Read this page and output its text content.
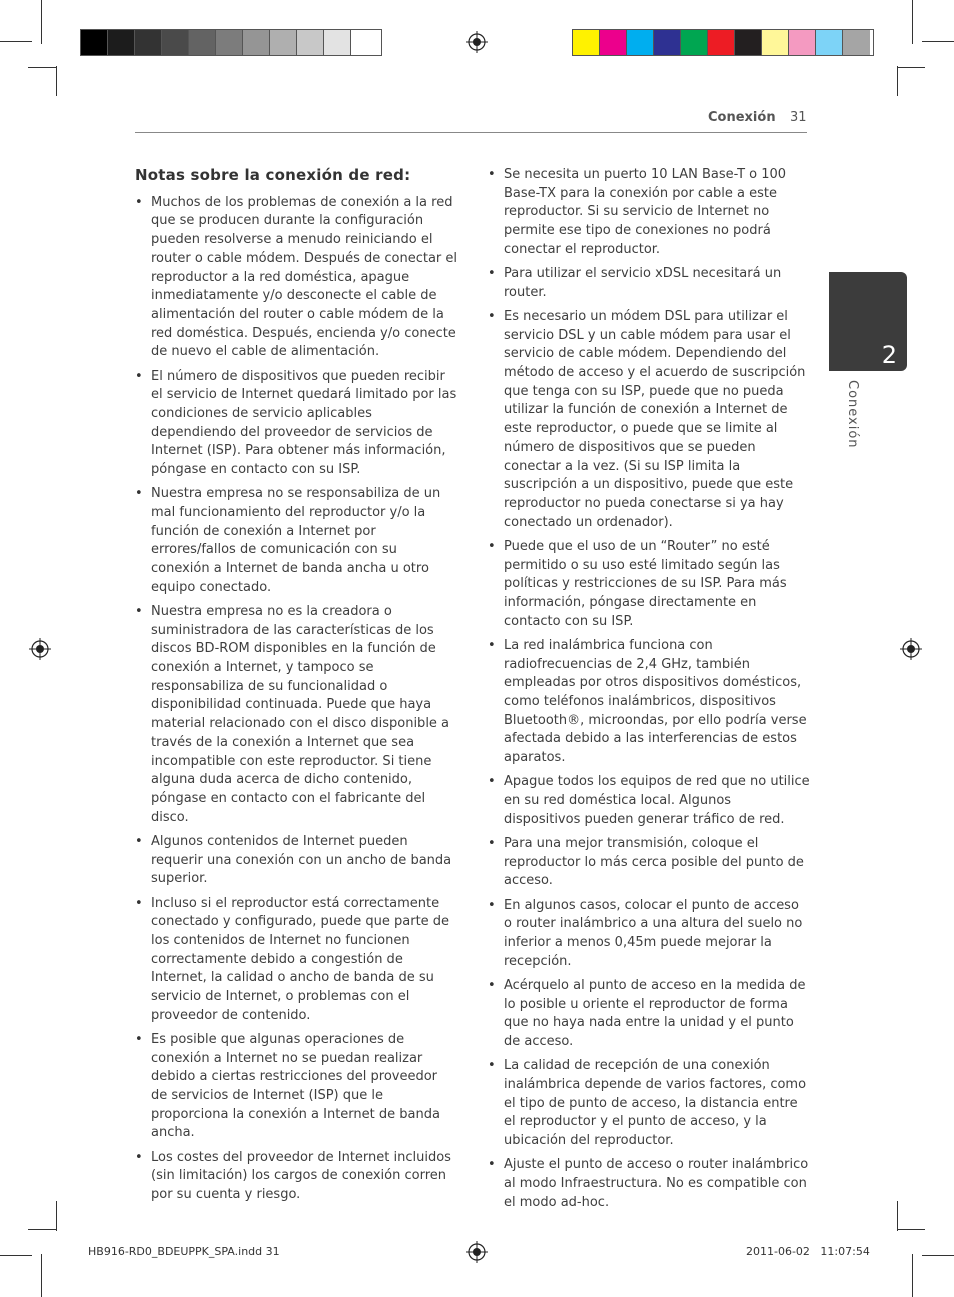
Conexión 31
2
Conexión
Notas sobre la conexión de red:
• Muchos de los problemas de conexión a la red que se producen durante la configuración pueden resolverse a menudo reiniciando el router o cable módem. Después de conectar el reproductor a la red doméstica, apague inmediatamente y/o desconecte el cable de alimentación del router o cable módem de la red doméstica. Después, encienda y/o conecte de nuevo el cable de alimentación.
• El número de dispositivos que pueden recibir el servicio de Internet quedará limitado por las condiciones de servicio aplicables dependiendo del proveedor de servicios de Internet (ISP). Para obtener más información, póngase en contacto con su ISP.
• Nuestra empresa no se responsabiliza de un mal funcionamiento del reproductor y/o la función de conexión a Internet por errores/fallos de comunicación con su conexión a Internet de banda ancha u otro equipo conectado.
• Nuestra empresa no es la creadora o suministradora de las características de los discos BD-ROM disponibles en la función de conexión a Internet, y tampoco se responsabiliza de su funcionalidad o disponibilidad continuada. Puede que haya material relacionado con el disco disponible a través de la conexión a Internet que sea incompatible con este reproductor. Si tiene alguna duda acerca de dicho contenido, póngase en contacto con el fabricante del disco.
• Algunos contenidos de Internet pueden requerir una conexión con un ancho de banda superior.
• Incluso si el reproductor está correctamente conectado y configurado, puede que parte de los contenidos de Internet no funcionen correctamente debido a congestión de Internet, la calidad o ancho de banda de su servicio de Internet, o problemas con el proveedor de contenido.
• Es posible que algunas operaciones de conexión a Internet no se puedan realizar debido a ciertas restricciones del proveedor de servicios de Internet (ISP) que le proporciona la conexión a Internet de banda ancha.
• Los costes del proveedor de Internet incluidos (sin limitación) los cargos de conexión corren por su cuenta y riesgo.
• Se necesita un puerto 10 LAN Base-T o 100 Base-TX para la conexión por cable a este reproductor. Si su servicio de Internet no permite ese tipo de conexiones no podrá conectar el reproductor.
• Para utilizar el servicio xDSL necesitará un router.
• Es necesario un módem DSL para utilizar el servicio DSL y un cable módem para usar el servicio de cable módem. Dependiendo del método de acceso y el acuerdo de suscripción que tenga con su ISP, puede que no pueda utilizar la función de conexión a Internet de este reproductor, o puede que se limite al número de dispositivos que se pueden conectar a la vez. (Si su ISP limita la suscripción a un dispositivo, puede que este reproductor no pueda conectarse si ya hay conectado un ordenador).
• Puede que el uso de un “Router” no esté permitido o su uso esté limitado según las políticas y restricciones de su ISP. Para más información, póngase directamente en contacto con su ISP.
• La red inalámbrica funciona con radiofrecuencias de 2,4 GHz, también empleadas por otros dispositivos domésticos, como teléfonos inalámbricos, dispositivos Bluetooth®, microondas, por ello podría verse afectada debido a las interferencias de estos aparatos.
• Apague todos los equipos de red que no utilice en su red doméstica local. Algunos dispositivos pueden generar tráfico de red.
• Para una mejor transmisión, coloque el reproductor lo más cerca posible del punto de acceso.
• En algunos casos, colocar el punto de acceso o router inalámbrico a una altura del suelo no inferior a menos 0,45m puede mejorar la recepción.
• Acérquelo al punto de acceso en la medida de lo posible u oriente el reproductor de forma que no haya nada entre la unidad y el punto de acceso.
• La calidad de recepción de una conexión inalámbrica depende de varios factores, como el tipo de punto de acceso, la distancia entre el reproductor y el punto de acceso, y la ubicación del reproductor.
• Ajuste el punto de acceso o router inalámbrico al modo Infraestructura. No es compatible con el modo ad-hoc.
HB916-RD0_BDEUPPK_SPA.indd 31	2011-06-02   11:07:54
